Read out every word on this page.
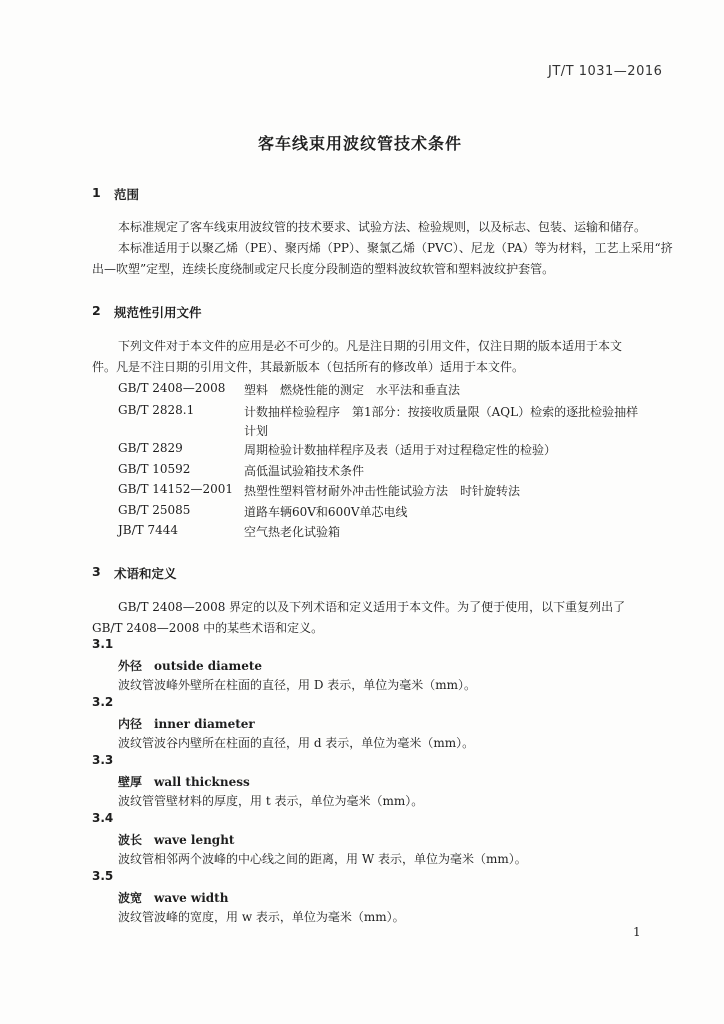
JT/T 1031—2016
客车线束用波纹管技术条件
1 范围
本标准规定了客车线束用波纹管的技术要求、试验方法、检验规则，以及标志、包装、运输和储存。
本标准适用于以聚乙烯（PE）、聚丙烯（PP）、聚氯乙烯（PVC）、尼龙（PA）等为材料，工艺上采用“挤
出—吹塑”定型，连续长度绕制或定尺长度分段制造的塑料波纹软管和塑料波纹护套管。
2 规范性引用文件
下列文件对于本文件的应用是必不可少的。凡是注日期的引用文件，仅注日期的版本适用于本文
件。凡是不注日期的引用文件，其最新版本（包括所有的修改单）适用于本文件。
GB/T 2408—2008 塑料　燃烧性能的测定　水平法和垂直法
GB/T 2828.1	计数抽样检验程序　第1部分：按接收质量限（AQL）检索的逐批检验抽样
计划
GB/T 2829	周期检验计数抽样程序及表（适用于对过程稳定性的检验）
GB/T 10592	高低温试验箱技术条件
GB/T 14152—2001 热塑性塑料管材耐外冲击性能试验方法　时针旋转法
GB/T 25085	道路车辆60V和600V单芯电线
JB/T 7444	空气热老化试验箱
3 术语和定义
GB/T 2408—2008 界定的以及下列术语和定义适用于本文件。为了便于使用，以下重复列出了
GB/T 2408—2008 中的某些术语和定义。
3.1
外径　outside diamete
波纹管波峰外壁所在柱面的直径，用 D 表示，单位为毫米（mm）。
3.2
内径　inner diameter
波纹管波谷内壁所在柱面的直径，用 d 表示，单位为毫米（mm）。
3.3
壁厚　wall thickness
波纹管管壁材料的厚度，用 t 表示，单位为毫米（mm）。
3.4
波长　wave lenght
波纹管相邻两个波峰的中心线之间的距离，用 W 表示，单位为毫米（mm）。
3.5
波宽　wave width
波纹管波峰的宽度，用 w 表示，单位为毫米（mm）。
1
